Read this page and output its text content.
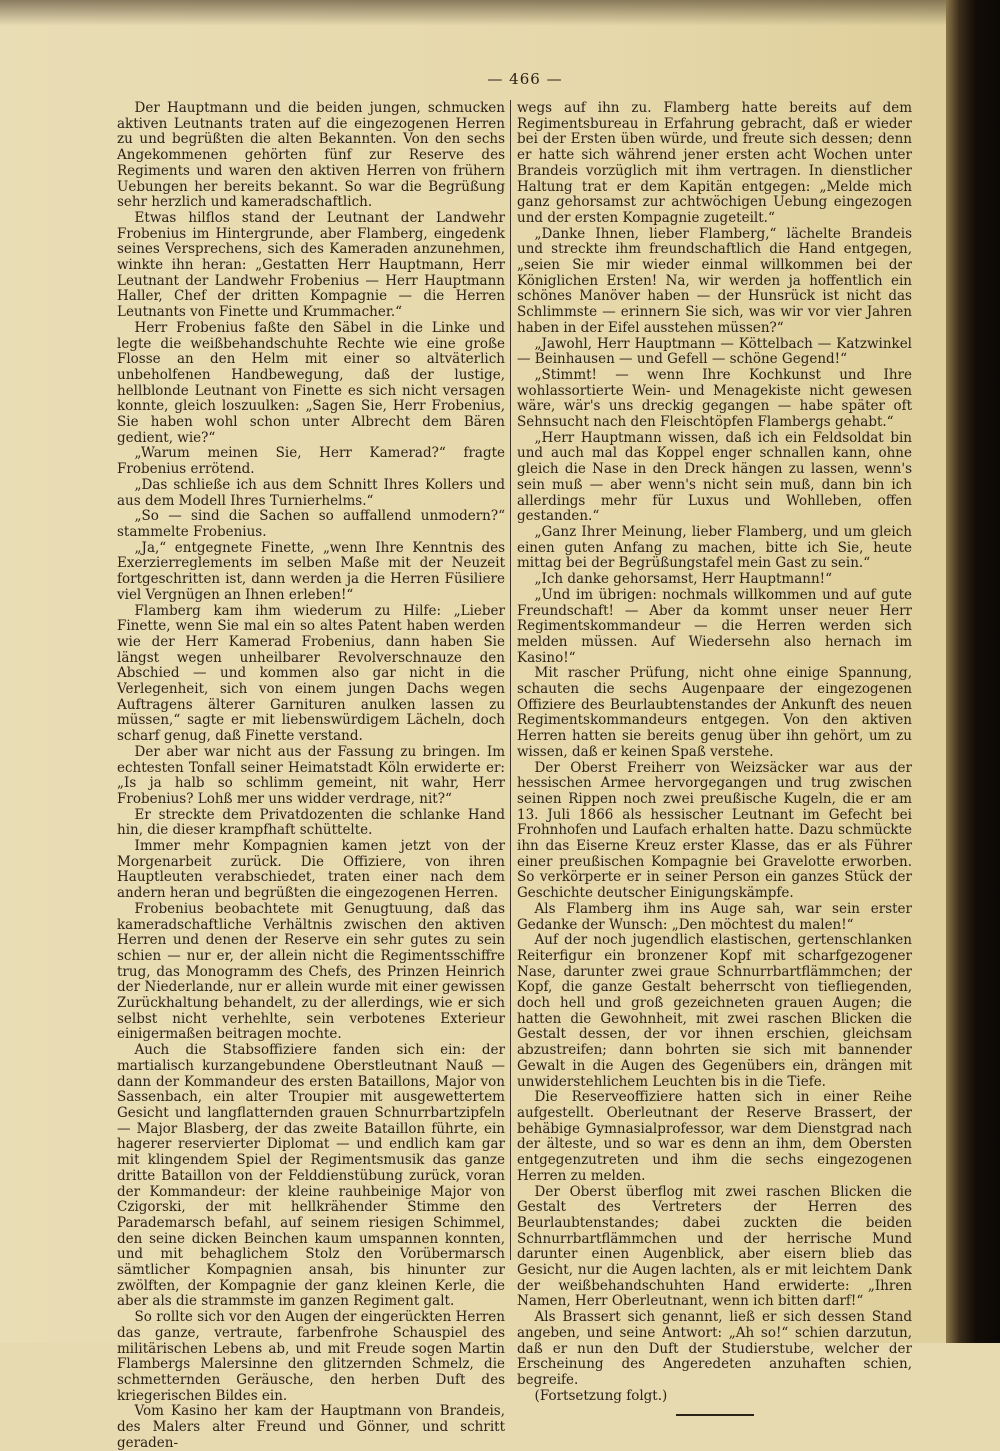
— 466 —

Der Hauptmann und die beiden jungen, schmucken aktiven Leutnants traten auf die eingezogenen Herren zu und begrüßten die alten Bekannten. Von den sechs Angekommenen gehörten fünf zur Reserve des Regiments und waren den aktiven Herren von frühern Uebungen her bereits bekannt. So war die Begrüßung sehr herzlich und kameradschaftlich.

Etwas hilflos stand der Leutnant der Landwehr Frobenius im Hintergrunde, aber Flamberg, eingedenk seines Versprechens, sich des Kameraden anzunehmen, winkte ihn heran: „Gestatten Herr Hauptmann, Herr Leutnant der Landwehr Frobenius — Herr Hauptmann Haller, Chef der dritten Kompagnie — die Herren Leutnants von Finette und Krummacher.“

Herr Frobenius faßte den Säbel in die Linke und legte die weißbehandschuhte Rechte wie eine große Flosse an den Helm mit einer so altväterlich unbeholfenen Handbewegung, daß der lustige, hellblonde Leutnant von Finette es sich nicht versagen konnte, gleich loszuulken: „Sagen Sie, Herr Frobenius, Sie haben wohl schon unter Albrecht dem Bären gedient, wie?“

„Warum meinen Sie, Herr Kamerad?“ fragte Frobenius errötend.

„Das schließe ich aus dem Schnitt Ihres Kollers und aus dem Modell Ihres Turnierhelms.“

„So — sind die Sachen so auffallend unmodern?“ stammelte Frobenius.

„Ja,“ entgegnete Finette, „wenn Ihre Kenntnis des Exerzierreglements im selben Maße mit der Neuzeit fortgeschritten ist, dann werden ja die Herren Füsiliere viel Vergnügen an Ihnen erleben!“

Flamberg kam ihm wiederum zu Hilfe: „Lieber Finette, wenn Sie mal ein so altes Patent haben werden wie der Herr Kamerad Frobenius, dann haben Sie längst wegen unheilbarer Revolverschnauze den Abschied — und kommen also gar nicht in die Verlegenheit, sich von einem jungen Dachs wegen Auftragens älterer Garnituren anulken lassen zu müssen,“ sagte er mit liebenswürdigem Lächeln, doch scharf genug, daß Finette verstand.

Der aber war nicht aus der Fassung zu bringen. Im echtesten Tonfall seiner Heimatstadt Köln erwiderte er: „Is ja halb so schlimm gemeint, nit wahr, Herr Frobenius? Lohß mer uns widder verdrage, nit?“

Er streckte dem Privatdozenten die schlanke Hand hin, die dieser krampfhaft schüttelte.

Immer mehr Kompagnien kamen jetzt von der Morgenarbeit zurück. Die Offiziere, von ihren Hauptleuten verabschiedet, traten einer nach dem andern heran und begrüßten die eingezogenen Herren.

Frobenius beobachtete mit Genugtuung, daß das kameradschaftliche Verhältnis zwischen den aktiven Herren und denen der Reserve ein sehr gutes zu sein schien — nur er, der allein nicht die Regimentsschiffre trug, das Monogramm des Chefs, des Prinzen Heinrich der Niederlande, nur er allein wurde mit einer gewissen Zurückhaltung behandelt, zu der allerdings, wie er sich selbst nicht verhehlte, sein verbotenes Exterieur einigermaßen beitragen mochte.

Auch die Stabsoffiziere fanden sich ein: der martialisch kurzangebundene Oberstleutnant Nauß — dann der Kommandeur des ersten Bataillons, Major von Sassenbach, ein alter Troupier mit ausgewettertem Gesicht und langflatternden grauen Schnurrbartzipfeln — Major Blasberg, der das zweite Bataillon führte, ein hagerer reservierter Diplomat — und endlich kam gar mit klingendem Spiel der Regimentsmusik das ganze dritte Bataillon von der Felddienstübung zurück, voran der Kommandeur: der kleine rauhbeinige Major von Czigorski, der mit hellkrähender Stimme den Parademarsch befahl, auf seinem riesigen Schimmel, den seine dicken Beinchen kaum umspannen konnten, und mit behaglichem Stolz den Vorübermarsch sämtlicher Kompagnien ansah, bis hinunter zur zwölften, der Kompagnie der ganz kleinen Kerle, die aber als die strammste im ganzen Regiment galt.

So rollte sich vor den Augen der eingerückten Herren das ganze, vertraute, farbenfrohe Schauspiel des militärischen Lebens ab, und mit Freude sogen Martin Flambergs Malersinne den glitzernden Schmelz, die schmetternden Geräusche, den herben Duft des kriegerischen Bildes ein.

Vom Kasino her kam der Hauptmann von Brandeis, des Malers alter Freund und Gönner, und schritt geraden-

wegs auf ihn zu. Flamberg hatte bereits auf dem Regimentsbureau in Erfahrung gebracht, daß er wieder bei der Ersten üben würde, und freute sich dessen; denn er hatte sich während jener ersten acht Wochen unter Brandeis vorzüglich mit ihm vertragen. In dienstlicher Haltung trat er dem Kapitän entgegen: „Melde mich ganz gehorsamst zur achtwöchigen Uebung eingezogen und der ersten Kompagnie zugeteilt.“

„Danke Ihnen, lieber Flamberg,“ lächelte Brandeis und streckte ihm freundschaftlich die Hand entgegen, „seien Sie mir wieder einmal willkommen bei der Königlichen Ersten! Na, wir werden ja hoffentlich ein schönes Manöver haben — der Hunsrück ist nicht das Schlimmste — erinnern Sie sich, was wir vor vier Jahren haben in der Eifel ausstehen müssen?“

„Jawohl, Herr Hauptmann — Köttelbach — Katzwinkel — Beinhausen — und Gefell — schöne Gegend!“

„Stimmt! — wenn Ihre Kochkunst und Ihre wohlassortierte Wein- und Menagekiste nicht gewesen wäre, wär's uns dreckig gegangen — habe später oft Sehnsucht nach den Fleischtöpfen Flambergs gehabt.“

„Herr Hauptmann wissen, daß ich ein Feldsoldat bin und auch mal das Koppel enger schnallen kann, ohne gleich die Nase in den Dreck hängen zu lassen, wenn's sein muß — aber wenn's nicht sein muß, dann bin ich allerdings mehr für Luxus und Wohlleben, offen gestanden.“

„Ganz Ihrer Meinung, lieber Flamberg, und um gleich einen guten Anfang zu machen, bitte ich Sie, heute mittag bei der Begrüßungstafel mein Gast zu sein.“

„Ich danke gehorsamst, Herr Hauptmann!“

„Und im übrigen: nochmals willkommen und auf gute Freundschaft! — Aber da kommt unser neuer Herr Regimentskommandeur — die Herren werden sich melden müssen. Auf Wiedersehn also hernach im Kasino!“

Mit rascher Prüfung, nicht ohne einige Spannung, schauten die sechs Augenpaare der eingezogenen Offiziere des Beurlaubtenstandes der Ankunft des neuen Regimentskommandeurs entgegen. Von den aktiven Herren hatten sie bereits genug über ihn gehört, um zu wissen, daß er keinen Spaß verstehe.

Der Oberst Freiherr von Weizsäcker war aus der hessischen Armee hervorgegangen und trug zwischen seinen Rippen noch zwei preußische Kugeln, die er am 13. Juli 1866 als hessischer Leutnant im Gefecht bei Frohnhofen und Laufach erhalten hatte. Dazu schmückte ihn das Eiserne Kreuz erster Klasse, das er als Führer einer preußischen Kompagnie bei Gravelotte erworben. So verkörperte er in seiner Person ein ganzes Stück der Geschichte deutscher Einigungskämpfe.

Als Flamberg ihm ins Auge sah, war sein erster Gedanke der Wunsch: „Den möchtest du malen!“

Auf der noch jugendlich elastischen, gertenschlanken Reiterfigur ein bronzener Kopf mit scharfgezogener Nase, darunter zwei graue Schnurrbartflämmchen; der Kopf, die ganze Gestalt beherrscht von tiefliegenden, doch hell und groß gezeichneten grauen Augen; die hatten die Gewohnheit, mit zwei raschen Blicken die Gestalt dessen, der vor ihnen erschien, gleichsam abzustreifen; dann bohrten sie sich mit bannender Gewalt in die Augen des Gegenübers ein, drängen mit unwiderstehlichem Leuchten bis in die Tiefe.

Die Reserveoffiziere hatten sich in einer Reihe aufgestellt. Oberleutnant der Reserve Brassert, der behäbige Gymnasialprofessor, war dem Dienstgrad nach der älteste, und so war es denn an ihm, dem Obersten entgegenzutreten und ihm die sechs eingezogenen Herren zu melden.

Der Oberst überflog mit zwei raschen Blicken die Gestalt des Vertreters der Herren des Beurlaubtenstandes; dabei zuckten die beiden Schnurrbartflämmchen und der herrische Mund darunter einen Augenblick, aber eisern blieb das Gesicht, nur die Augen lachten, als er mit leichtem Dank der weißbehandschuhten Hand erwiderte: „Ihren Namen, Herr Oberleutnant, wenn ich bitten darf!“

Als Brassert sich genannt, ließ er sich dessen Stand angeben, und seine Antwort: „Ah so!“ schien darzutun, daß er nun den Duft der Studierstube, welcher der Erscheinung des Angeredeten anzuhaften schien, begreife.

(Fortsetzung folgt.)
